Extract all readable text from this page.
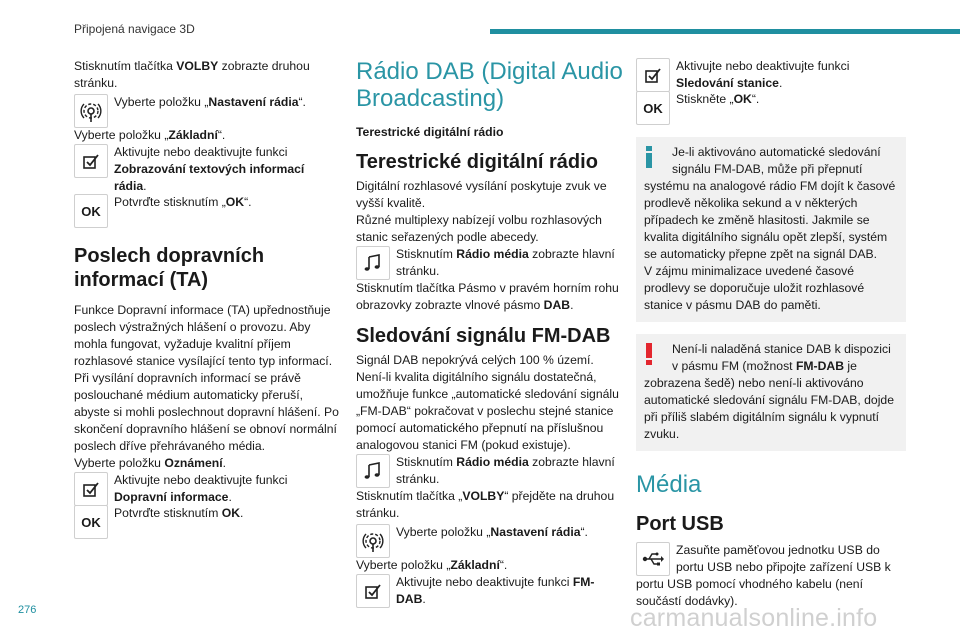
Připojená navigace 3D

Stisknutím tlačítka VOLBY zobrazte druhou stránku.

Vyberte položku „Nastavení rádia“.

Vyberte položku „Základní“.

Aktivujte nebo deaktivujte funkci Zobrazování textových informací rádia.
OK
Potvrďte stisknutím „OK“.
Poslech dopravních informací (TA)

Funkce Dopravní informace (TA) upřednostňuje poslech výstražných hlášení o provozu. Aby mohla fungovat, vyžaduje kvalitní příjem rozhlasové stanice vysílající tento typ informací. Při vysílání dopravních informací se právě poslouchané médium automaticky přeruší, abyste si mohli poslechnout dopravní hlášení. Po skončení dopravního hlášení se obnoví normální poslech dříve přehrávaného média.

Vyberte položku Oznámení.

Aktivujte nebo deaktivujte funkci Dopravní informace.
OK
Potvrďte stisknutím OK.
Rádio DAB (Digital Audio Broadcasting)

Terestrické digitální rádio

Terestrické digitální rádio

Digitální rozhlasové vysílání poskytuje zvuk ve vyšší kvalitě.

Různé multiplexy nabízejí volbu rozhlasových stanic seřazených podle abecedy.

Stisknutím Rádio média zobrazte hlavní stránku.

Stisknutím tlačítka Pásmo v pravém horním rohu obrazovky zobrazte vlnové pásmo DAB.

Sledování signálu FM-DAB

Signál DAB nepokrývá celých 100 % území. Není-li kvalita digitálního signálu dostatečná, umožňuje funkce „automatické sledování signálu „FM-DAB“ pokračovat v poslechu stejné stanice pomocí automatického přepnutí na příslušnou analogovou stanici FM (pokud existuje).

Stisknutím Rádio média zobrazte hlavní stránku.

Stisknutím tlačítka „VOLBY“ přejděte na druhou stránku.

Vyberte položku „Nastavení rádia“.

Vyberte položku „Základní“.

Aktivujte nebo deaktivujte funkci FM-DAB.
Aktivujte nebo deaktivujte funkci Sledování stanice.
OK
Stiskněte „OK“.

Je-li aktivováno automatické sledování signálu FM-DAB, může při přepnutí

systému na analogové rádio FM dojít k časové prodlevě několika sekund a v některých případech ke změně hlasitosti. Jakmile se kvalita digitálního signálu opět zlepší, systém se automaticky přepne zpět na signál DAB.

V zájmu minimalizace uvedené časové prodlevy se doporučuje uložit rozhlasové stanice v pásmu DAB do paměti.

Není-li naladěná stanice DAB k dispozici v pásmu FM (možnost FM-DAB je

zobrazena šedě) nebo není-li aktivováno automatické sledování signálu FM-DAB, dojde při příliš slabém digitálním signálu k vypnutí zvuku.

Média
Port USB
Zasuňte paměťovou jednotku USB do portu USB nebo připojte zařízení USB k

portu USB pomocí vhodného kabelu (není součástí dodávky).

276	carmanualsonline.info
